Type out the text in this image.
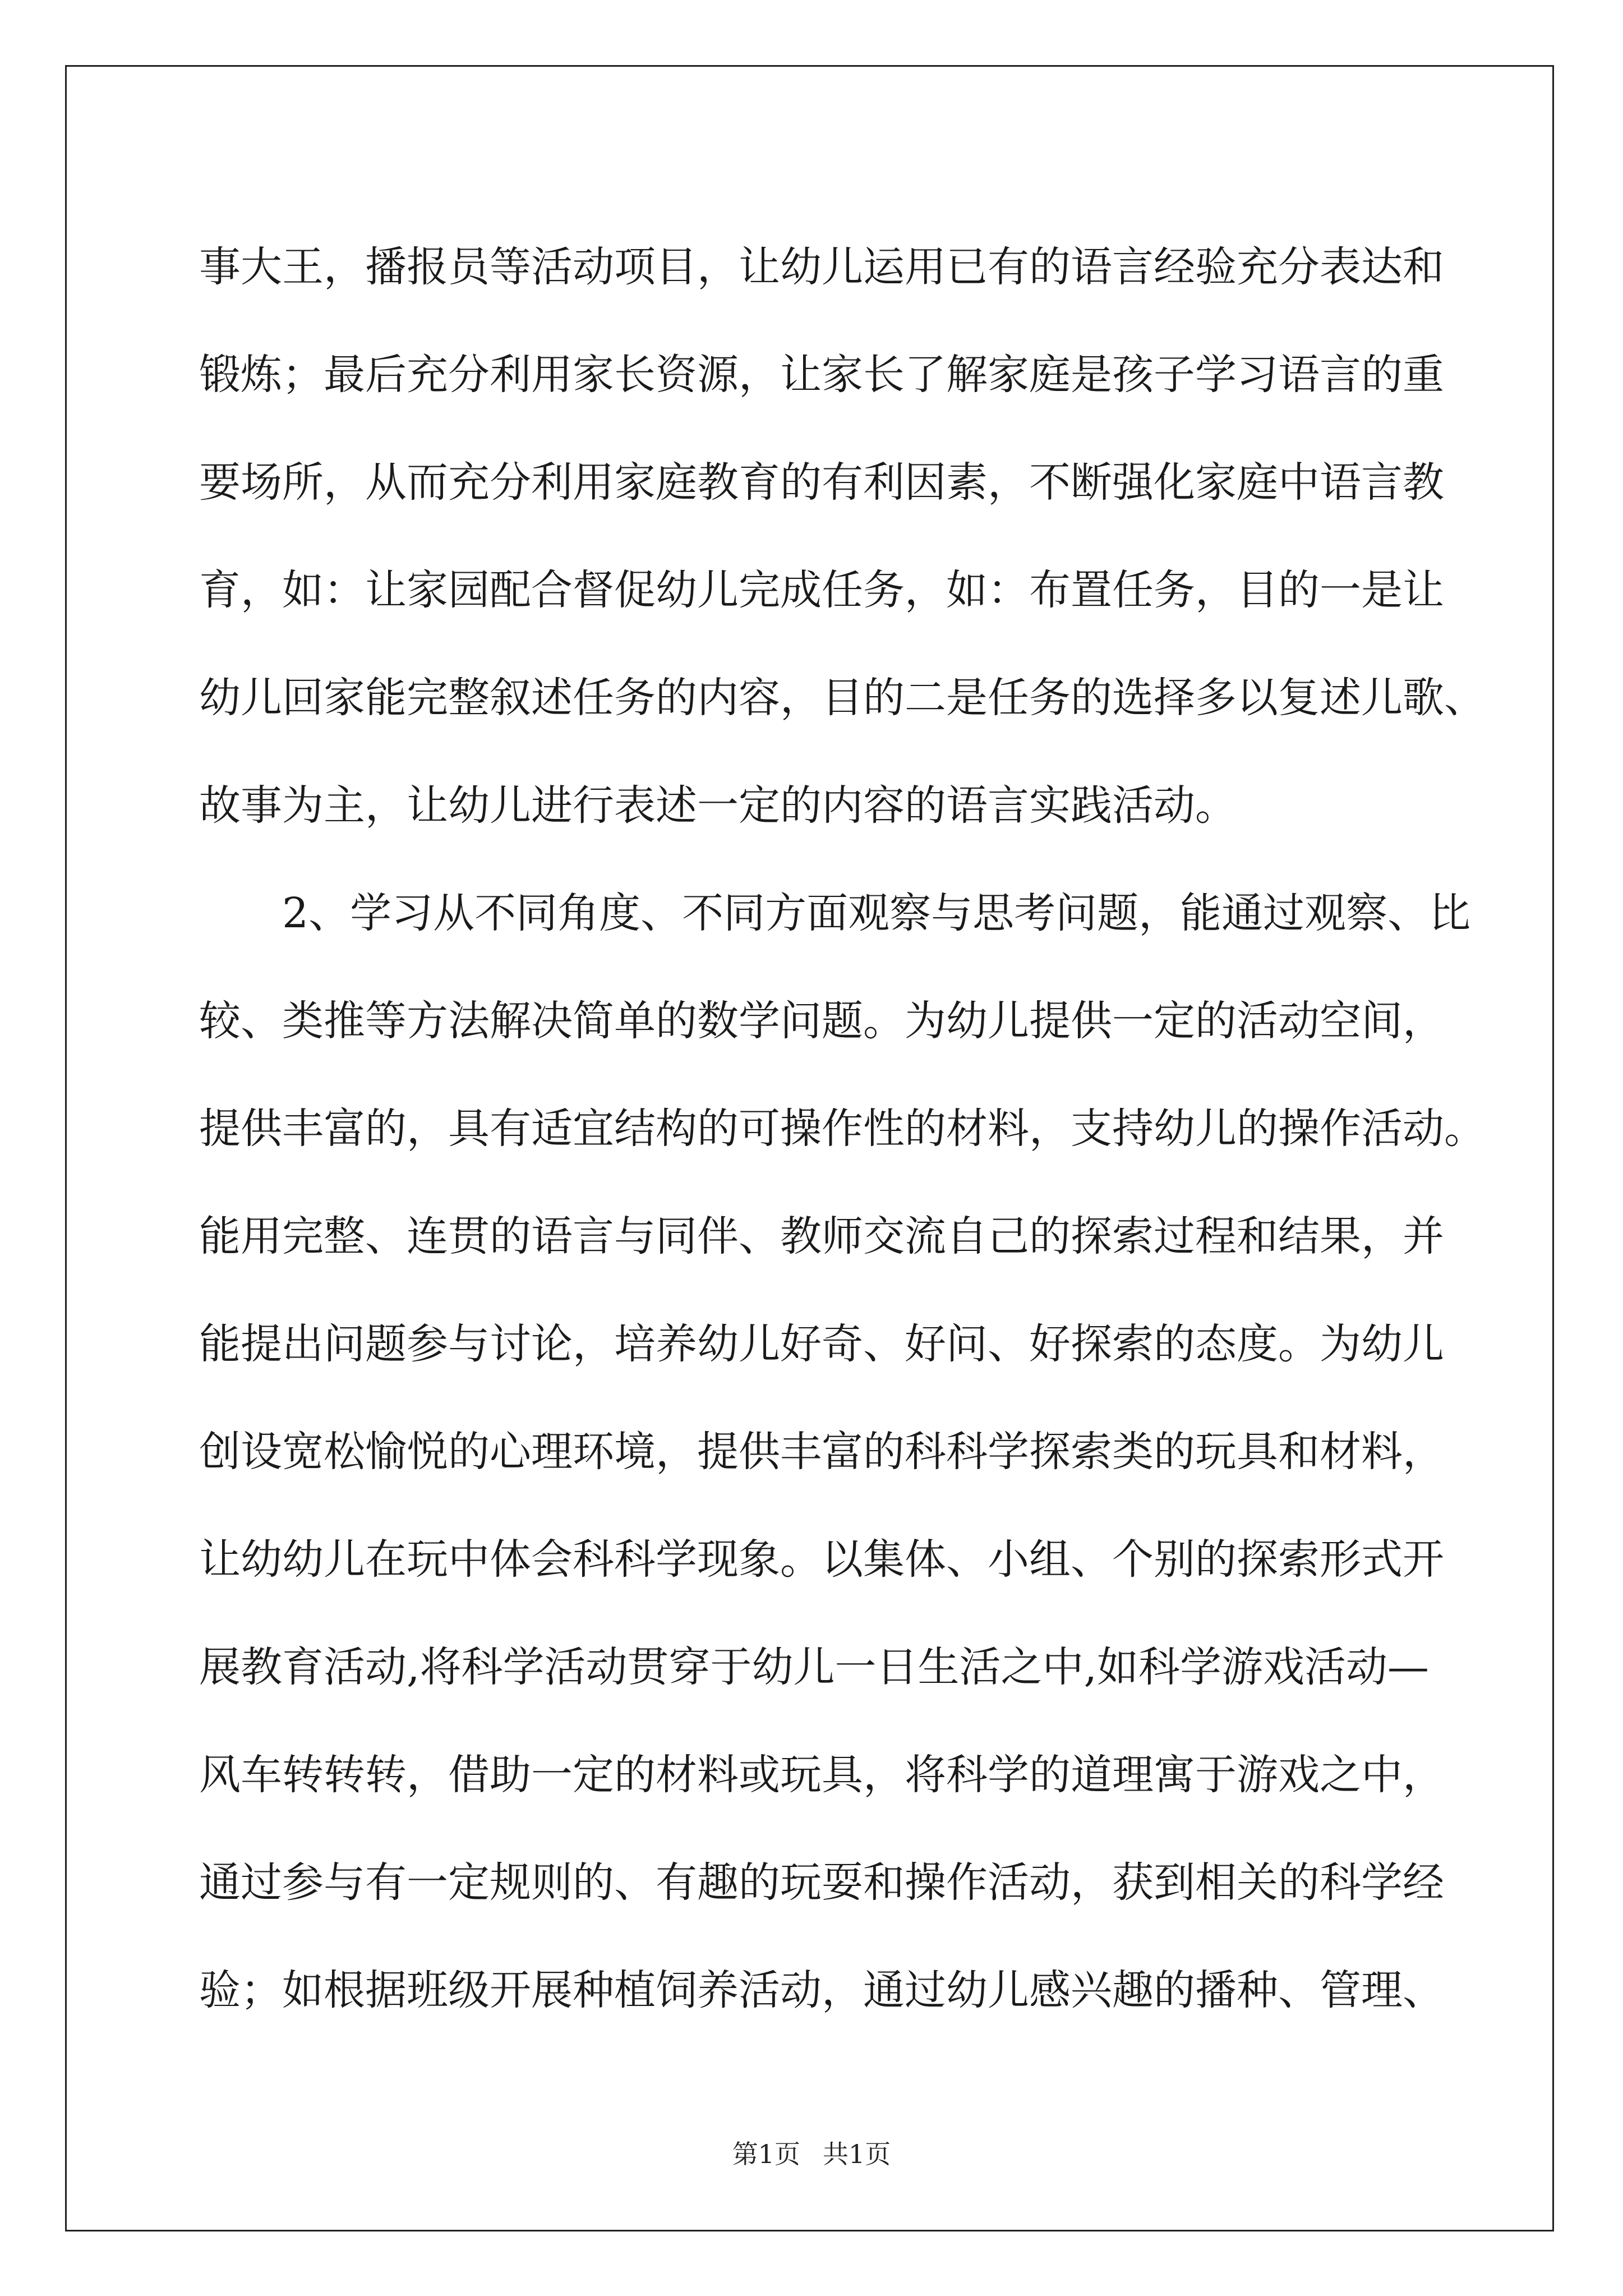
事大王，播报员等活动项目，让幼儿运用已有的语言经验充分表达和
锻炼；最后充分利用家长资源，让家长了解家庭是孩子学习语言的重
要场所，从而充分利用家庭教育的有利因素，不断强化家庭中语言教
育，如：让家园配合督促幼儿完成任务，如：布置任务，目的一是让
幼儿回家能完整叙述任务的内容，目的二是任务的选择多以复述儿歌、
故事为主，让幼儿进行表述一定的内容的语言实践活动。
　　2、学习从不同角度、不同方面观察与思考问题，能通过观察、比
较、类推等方法解决简单的数学问题。为幼儿提供一定的活动空间，
提供丰富的，具有适宜结构的可操作性的材料，支持幼儿的操作活动。
能用完整、连贯的语言与同伴、教师交流自己的探索过程和结果，并
能提出问题参与讨论，培养幼儿好奇、好问、好探索的态度。为幼儿
创设宽松愉悦的心理环境，提供丰富的科科学探索类的玩具和材料，
让幼幼儿在玩中体会科科学现象。以集体、小组、个别的探索形式开
展教育活动,将科学活动贯穿于幼儿一日生活之中,如科学游戏活动—
风车转转转，借助一定的材料或玩具，将科学的道理寓于游戏之中，
通过参与有一定规则的、有趣的玩耍和操作活动，获到相关的科学经
验；如根据班级开展种植饲养活动，通过幼儿感兴趣的播种、管理、
第1页 共1页
